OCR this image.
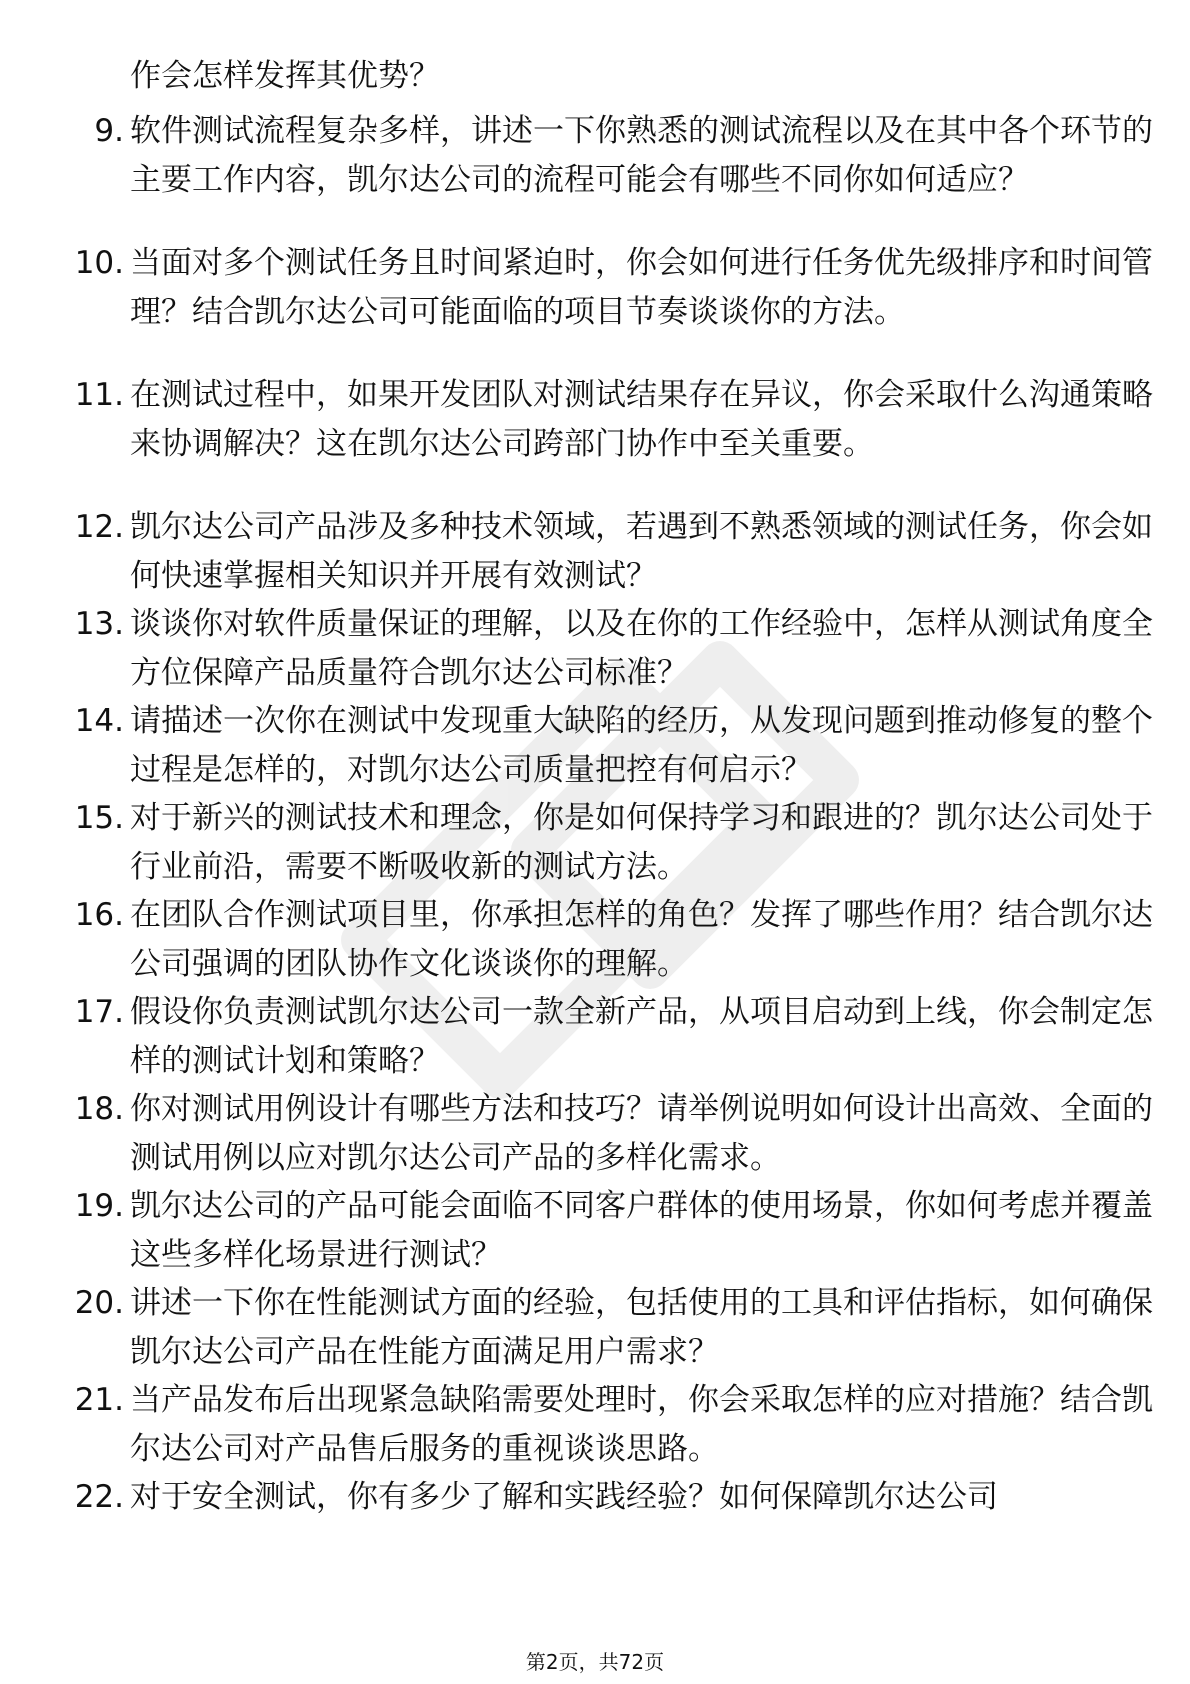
作会怎样发挥其优势？
9. 软件测试流程复杂多样，讲述一下你熟悉的测试流程以及在其中各个环节的主要工作内容，凯尔达公司的流程可能会有哪些不同你如何适应？
10. 当面对多个测试任务且时间紧迫时，你会如何进行任务优先级排序和时间管理？结合凯尔达公司可能面临的项目节奏谈谈你的方法。
11. 在测试过程中，如果开发团队对测试结果存在异议，你会采取什么沟通策略来协调解决？这在凯尔达公司跨部门协作中至关重要。
12. 凯尔达公司产品涉及多种技术领域，若遇到不熟悉领域的测试任务，你会如何快速掌握相关知识并开展有效测试？
13. 谈谈你对软件质量保证的理解，以及在你的工作经验中，怎样从测试角度全方位保障产品质量符合凯尔达公司标准？
14. 请描述一次你在测试中发现重大缺陷的经历，从发现问题到推动修复的整个过程是怎样的，对凯尔达公司质量把控有何启示？
15. 对于新兴的测试技术和理念，你是如何保持学习和跟进的？凯尔达公司处于行业前沿，需要不断吸收新的测试方法。
16. 在团队合作测试项目里，你承担怎样的角色？发挥了哪些作用？结合凯尔达公司强调的团队协作文化谈谈你的理解。
17. 假设你负责测试凯尔达公司一款全新产品，从项目启动到上线，你会制定怎样的测试计划和策略？
18. 你对测试用例设计有哪些方法和技巧？请举例说明如何设计出高效、全面的测试用例以应对凯尔达公司产品的多样化需求。
19. 凯尔达公司的产品可能会面临不同客户群体的使用场景，你如何考虑并覆盖这些多样化场景进行测试？
20. 讲述一下你在性能测试方面的经验，包括使用的工具和评估指标，如何确保凯尔达公司产品在性能方面满足用户需求？
21. 当产品发布后出现紧急缺陷需要处理时，你会采取怎样的应对措施？结合凯尔达公司对产品售后服务的重视谈谈思路。
22. 对于安全测试，你有多少了解和实践经验？如何保障凯尔达公司
第2页，共72页
